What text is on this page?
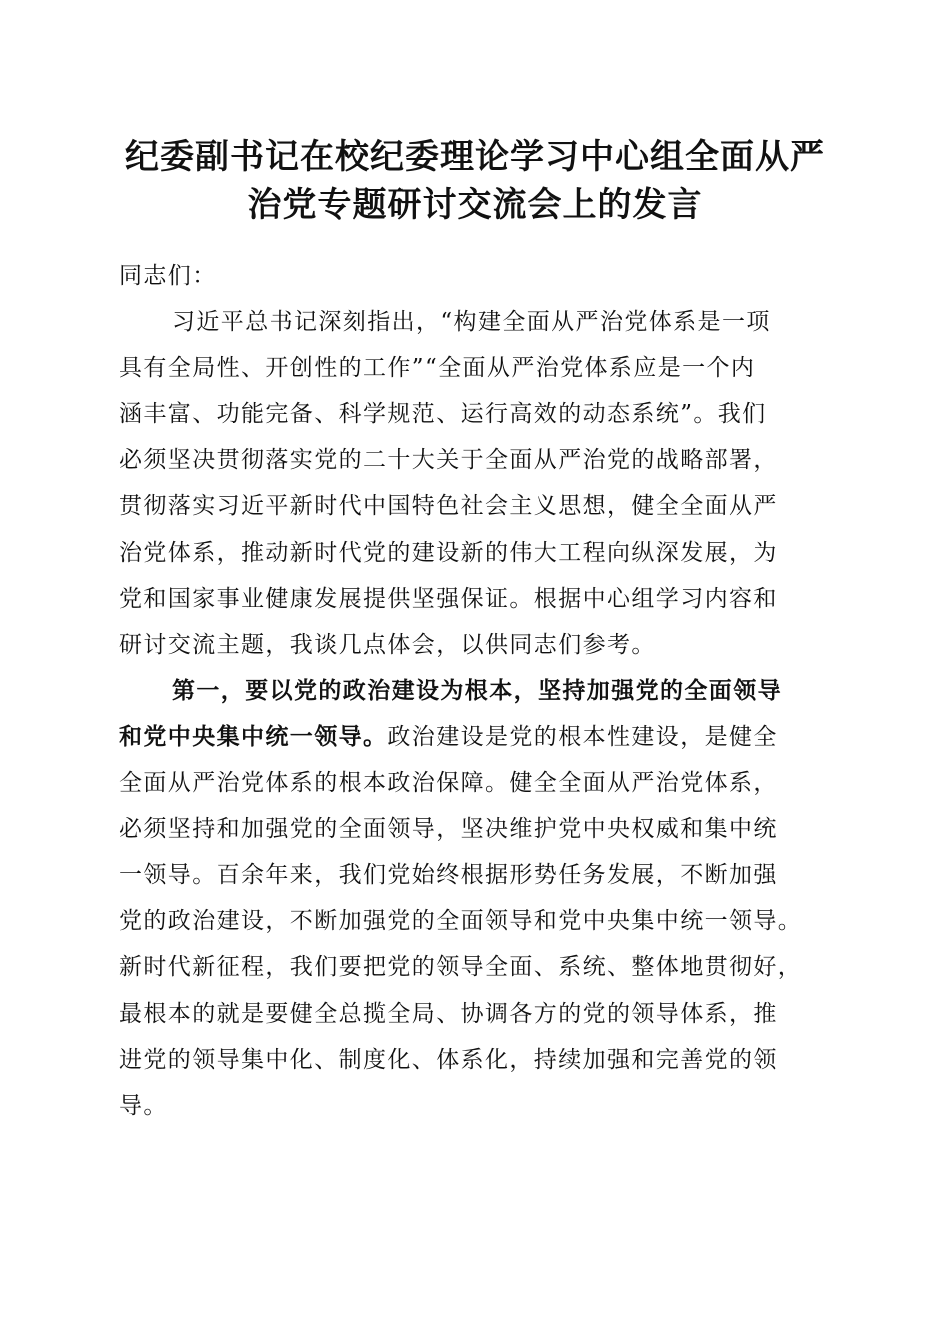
纪委副书记在校纪委理论学习中心组全面从严
治党专题研讨交流会上的发言
同志们：
习近平总书记深刻指出，“构建全面从严治党体系是一项
具有全局性、开创性的工作”“全面从严治党体系应是一个内
涵丰富、功能完备、科学规范、运行高效的动态系统”。我们
必须坚决贯彻落实党的二十大关于全面从严治党的战略部署，
贯彻落实习近平新时代中国特色社会主义思想，健全全面从严
治党体系，推动新时代党的建设新的伟大工程向纵深发展，为
党和国家事业健康发展提供坚强保证。根据中心组学习内容和
研讨交流主题，我谈几点体会，以供同志们参考。
第一，要以党的政治建设为根本，坚持加强党的全面领导
和党中央集中统一领导。政治建设是党的根本性建设，是健全
全面从严治党体系的根本政治保障。健全全面从严治党体系，
必须坚持和加强党的全面领导，坚决维护党中央权威和集中统
一领导。百余年来，我们党始终根据形势任务发展，不断加强
党的政治建设，不断加强党的全面领导和党中央集中统一领导。
新时代新征程，我们要把党的领导全面、系统、整体地贯彻好，
最根本的就是要健全总揽全局、协调各方的党的领导体系，推
进党的领导集中化、制度化、体系化，持续加强和完善党的领
导。
